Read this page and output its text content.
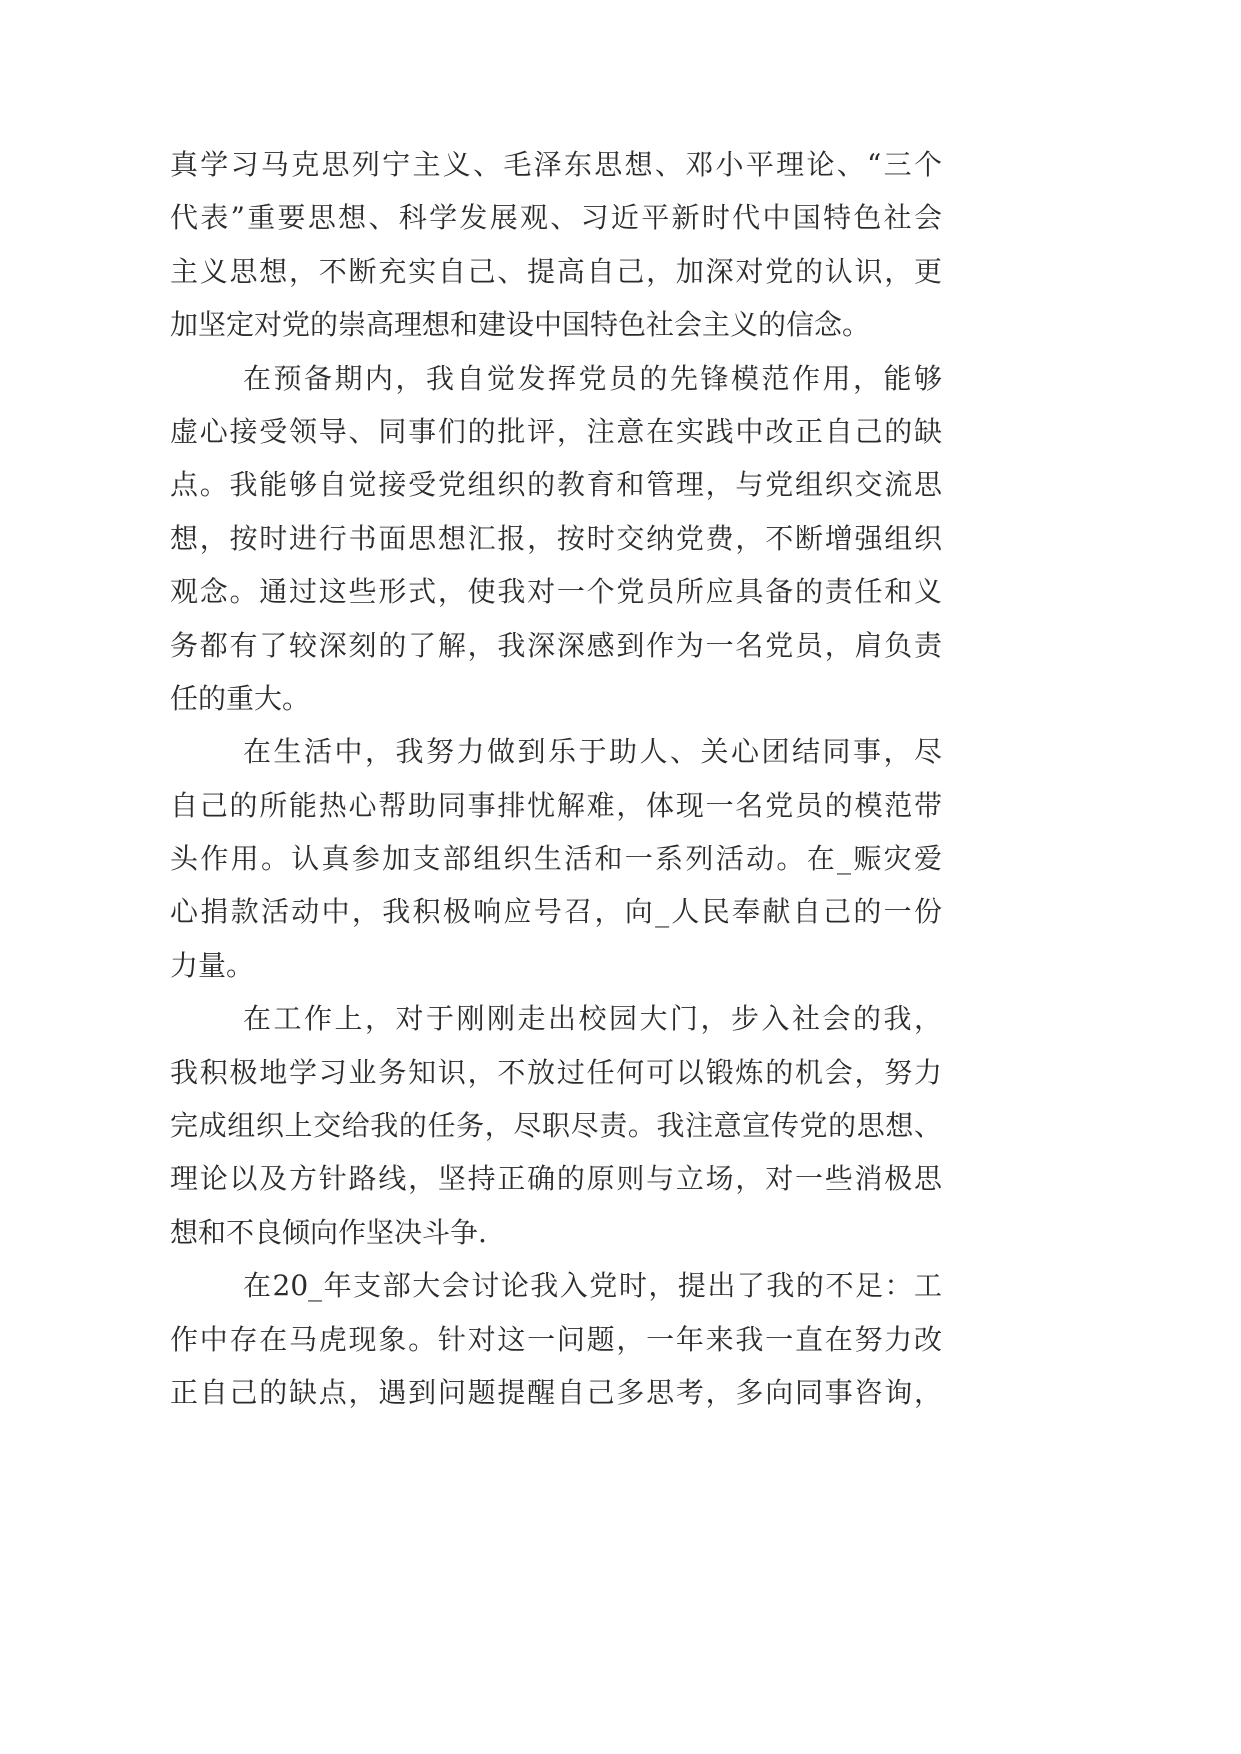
真学习马克思列宁主义、毛泽东思想、邓小平理论、“三个
代表”重要思想、科学发展观、习近平新时代中国特色社会
主义思想，不断充实自己、提高自己，加深对党的认识，更
加坚定对党的崇高理想和建设中国特色社会主义的信念。
在预备期内，我自觉发挥党员的先锋模范作用，能够
虚心接受领导、同事们的批评，注意在实践中改正自己的缺
点。我能够自觉接受党组织的教育和管理，与党组织交流思
想，按时进行书面思想汇报，按时交纳党费，不断增强组织
观念。通过这些形式，使我对一个党员所应具备的责任和义
务都有了较深刻的了解，我深深感到作为一名党员，肩负责
任的重大。
在生活中，我努力做到乐于助人、关心团结同事，尽
自己的所能热心帮助同事排忧解难，体现一名党员的模范带
头作用。认真参加支部组织生活和一系列活动。在_赈灾爱
心捐款活动中，我积极响应号召，向_人民奉献自己的一份
力量。
在工作上，对于刚刚走出校园大门，步入社会的我，
我积极地学习业务知识，不放过任何可以锻炼的机会，努力
完成组织上交给我的任务，尽职尽责。我注意宣传党的思想、
理论以及方针路线，坚持正确的原则与立场，对一些消极思
想和不良倾向作坚决斗争.
在20_年支部大会讨论我入党时，提出了我的不足：工
作中存在马虎现象。针对这一问题，一年来我一直在努力改
正自己的缺点，遇到问题提醒自己多思考，多向同事咨询，
